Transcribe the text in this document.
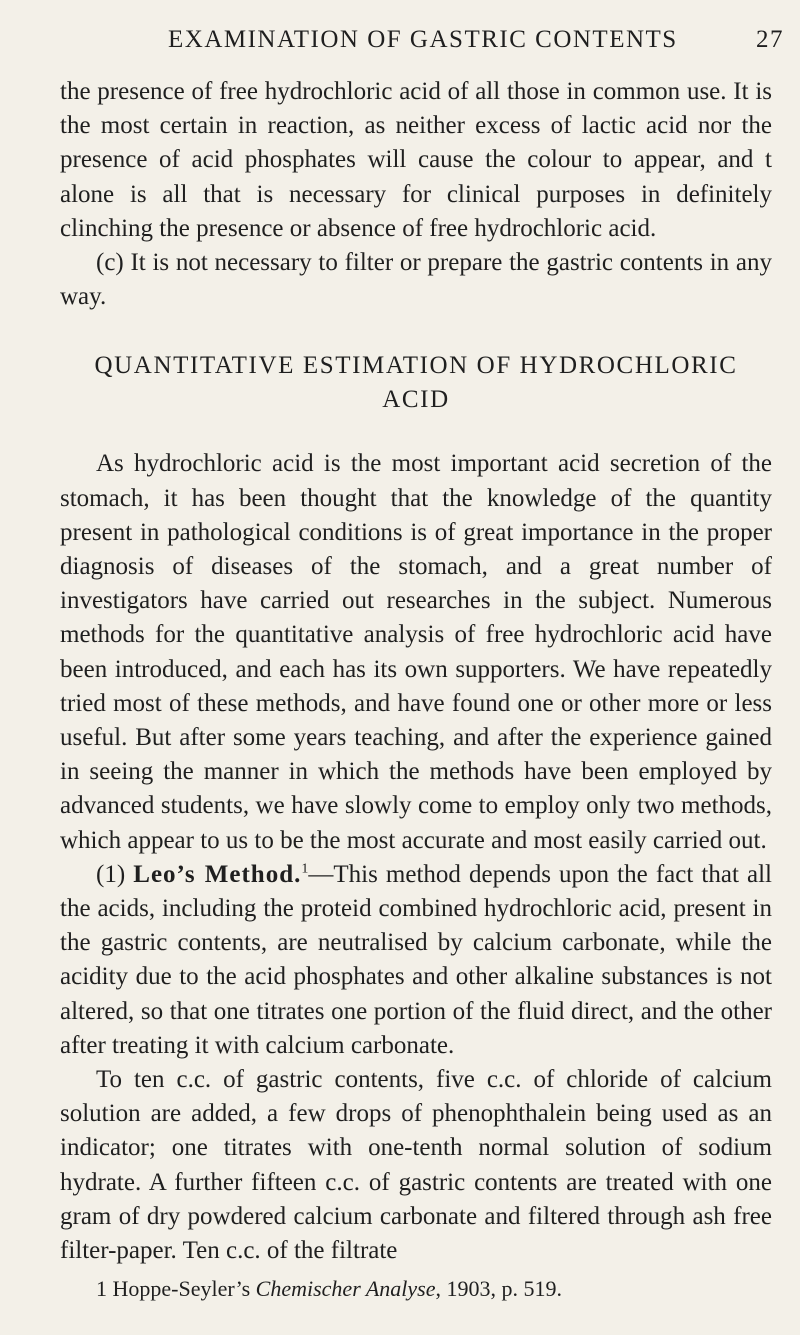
EXAMINATION OF GASTRIC CONTENTS	27

the presence of free hydrochloric acid of all those in common use. It is the most certain in reaction, as neither excess of lactic acid nor the presence of acid phosphates will cause the colour to appear, and t alone is all that is necessary for clinical purposes in definitely clinching the presence or absence of free hydrochloric acid.

(c) It is not necessary to filter or prepare the gastric contents in any way.

QUANTITATIVE ESTIMATION OF HYDROCHLORIC ACID

As hydrochloric acid is the most important acid secretion of the stomach, it has been thought that the knowledge of the quantity present in pathological conditions is of great importance in the proper diagnosis of diseases of the stomach, and a great number of investigators have carried out researches in the subject. Numerous methods for the quantitative analysis of free hydrochloric acid have been introduced, and each has its own supporters. We have repeatedly tried most of these methods, and have found one or other more or less useful. But after some years teaching, and after the experience gained in seeing the manner in which the methods have been employed by advanced students, we have slowly come to employ only two methods, which appear to us to be the most accurate and most easily carried out.

(1) Leo’s Method.$^1$—This method depends upon the fact that all the acids, including the proteid combined hydrochloric acid, present in the gastric contents, are neutralised by calcium carbonate, while the acidity due to the acid phosphates and other alkaline substances is not altered, so that one titrates one portion of the fluid direct, and the other after treating it with calcium carbonate.

To ten c.c. of gastric contents, five c.c. of chloride of calcium solution are added, a few drops of phenophthalein being used as an indicator; one titrates with one-tenth normal solution of sodium hydrate. A further fifteen c.c. of gastric contents are treated with one gram of dry powdered calcium carbonate and filtered through ash free filter-paper. Ten c.c. of the filtrate

1 Hoppe-Seyler’s Chemischer Analyse, 1903, p. 519.
